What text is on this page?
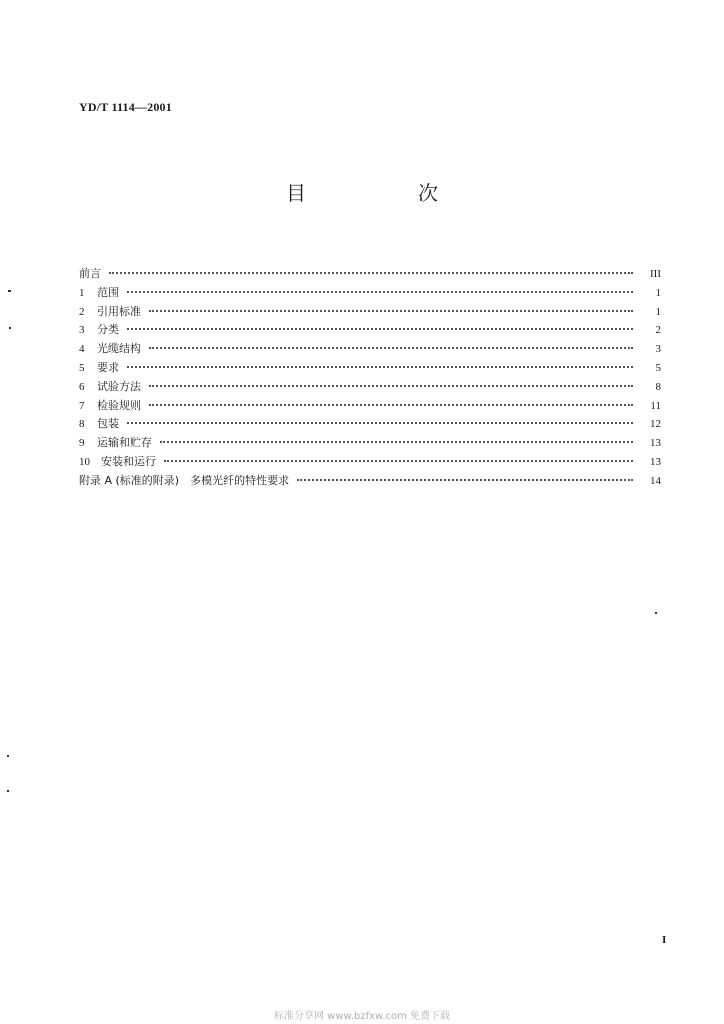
YD/T 1114—2001
目　次
前言	III
1	范围	1
2	引用标准	1
3	分类	2
4	光缆结构	3
5	要求	5
6	试验方法	8
7	检验规则	11
8	包装	12
9	运输和贮存	13
10	安装和运行	13
附录 A (标准的附录)　多模光纤的特性要求	14
I
标准分享网 www.bzfxw.com 免费下载
